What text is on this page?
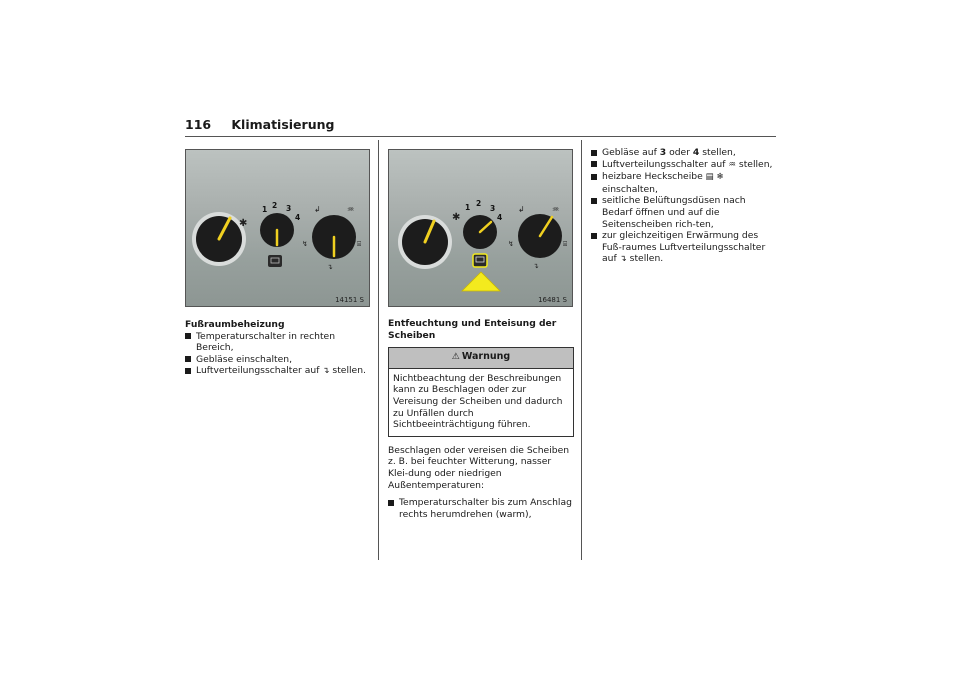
116 Klimatisierung
✱
1 2 3
4
↲	♒
↯	⌸
↴
14151 S
✱
1 2
3
4
↲	♒
↯	⌸
↴
16481 S

Fußraumbeheizung

Temperaturschalter in rechten Bereich,

Gebläse einschalten,

Luftverteilungsschalter auf ↴ stellen.

Entfeuchtung und Enteisung der Scheiben

⚠ Warnung
Nichtbeachtung der Beschreibungen kann zu Beschlagen oder zur Vereisung der Scheiben und dadurch zu Unfällen durch Sichtbeeinträchtigung führen.

Beschlagen oder vereisen die Scheiben z. B. bei feuchter Witterung, nasser Klei-dung oder niedrigen Außentemperaturen:

Temperaturschalter bis zum Anschlag rechts herumdrehen (warm),

Gebläse auf 3 oder 4 stellen,

Luftverteilungsschalter auf ♒ stellen,

heizbare Heckscheibe ▤ ❄ einschalten,

seitliche Belüftungsdüsen nach Bedarf öffnen und auf die Seitenscheiben rich-ten,

zur gleichzeitigen Erwärmung des Fuß-raumes Luftverteilungsschalter auf ↴ stellen.
